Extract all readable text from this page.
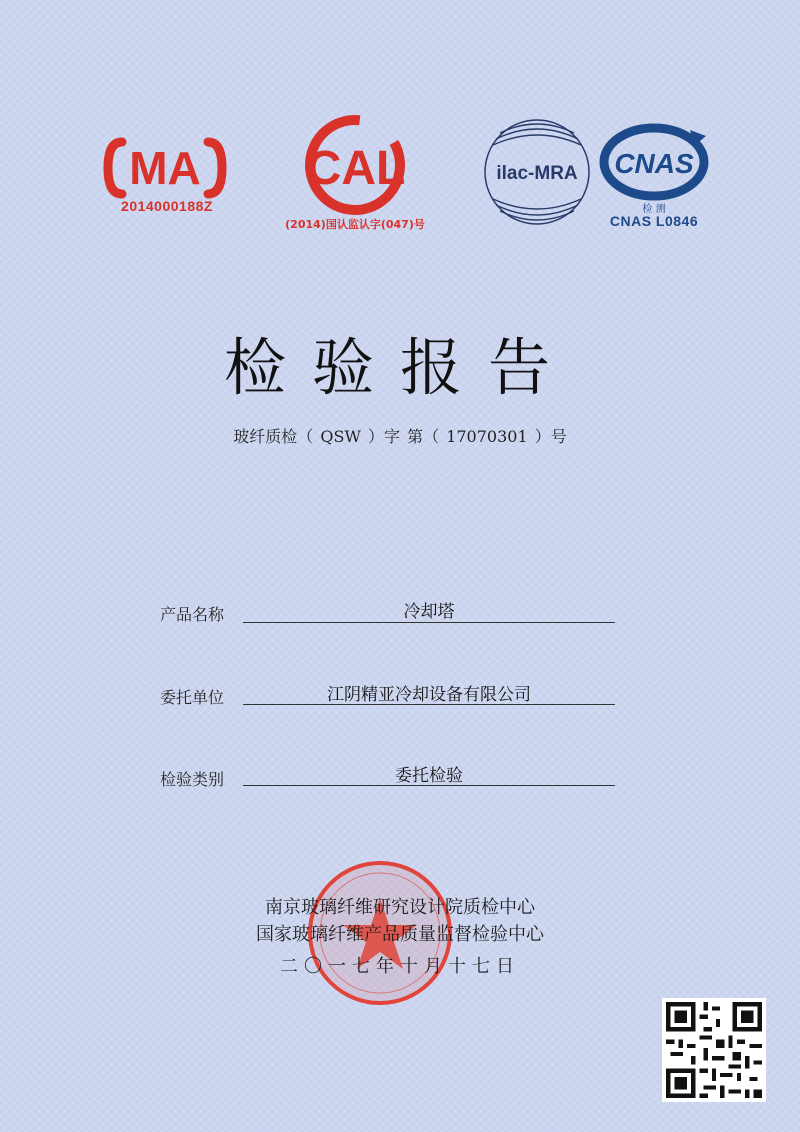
MA
2014000188Z
CAL
(2014)国认监认字(047)号
ilac-MRA CNAS
检 测
CNAS L0846
检验报告
玻纤质检（ QSW ）字 第（ 17070301 ）号
产品名称	冷却塔
委托单位	江阴精亚冷却设备有限公司
检验类别	委托检验
南京玻璃纤维研究设计院质检中心
国家玻璃纤维产品质量监督检验中心
二〇一七年十月十七日
